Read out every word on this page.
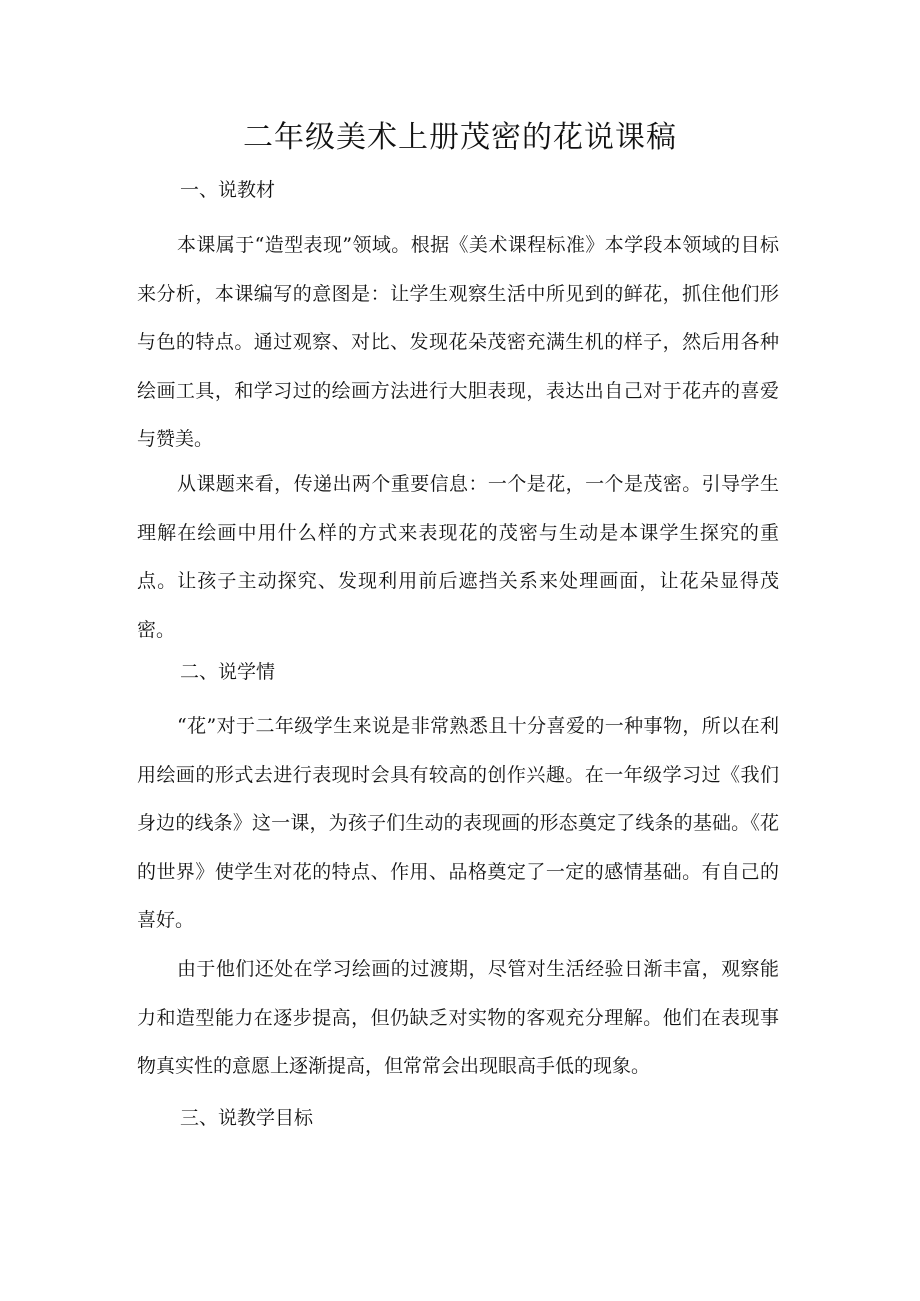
二年级美术上册茂密的花说课稿
一、说教材

本课属于“造型表现”领域。根据《美术课程标准》本学段本领域的目标来分析，本课编写的意图是：让学生观察生活中所见到的鲜花，抓住他们形与色的特点。通过观察、对比、发现花朵茂密充满生机的样子，然后用各种绘画工具，和学习过的绘画方法进行大胆表现，表达出自己对于花卉的喜爱与赞美。

从课题来看，传递出两个重要信息：一个是花，一个是茂密。引导学生理解在绘画中用什么样的方式来表现花的茂密与生动是本课学生探究的重点。让孩子主动探究、发现利用前后遮挡关系来处理画面，让花朵显得茂密。

二、说学情

“花”对于二年级学生来说是非常熟悉且十分喜爱的一种事物，所以在利用绘画的形式去进行表现时会具有较高的创作兴趣。在一年级学习过《我们身边的线条》这一课，为孩子们生动的表现画的形态奠定了线条的基础。《花的世界》使学生对花的特点、作用、品格奠定了一定的感情基础。有自己的喜好。

由于他们还处在学习绘画的过渡期，尽管对生活经验日渐丰富，观察能力和造型能力在逐步提高，但仍缺乏对实物的客观充分理解。他们在表现事物真实性的意愿上逐渐提高，但常常会出现眼高手低的现象。

三、说教学目标
